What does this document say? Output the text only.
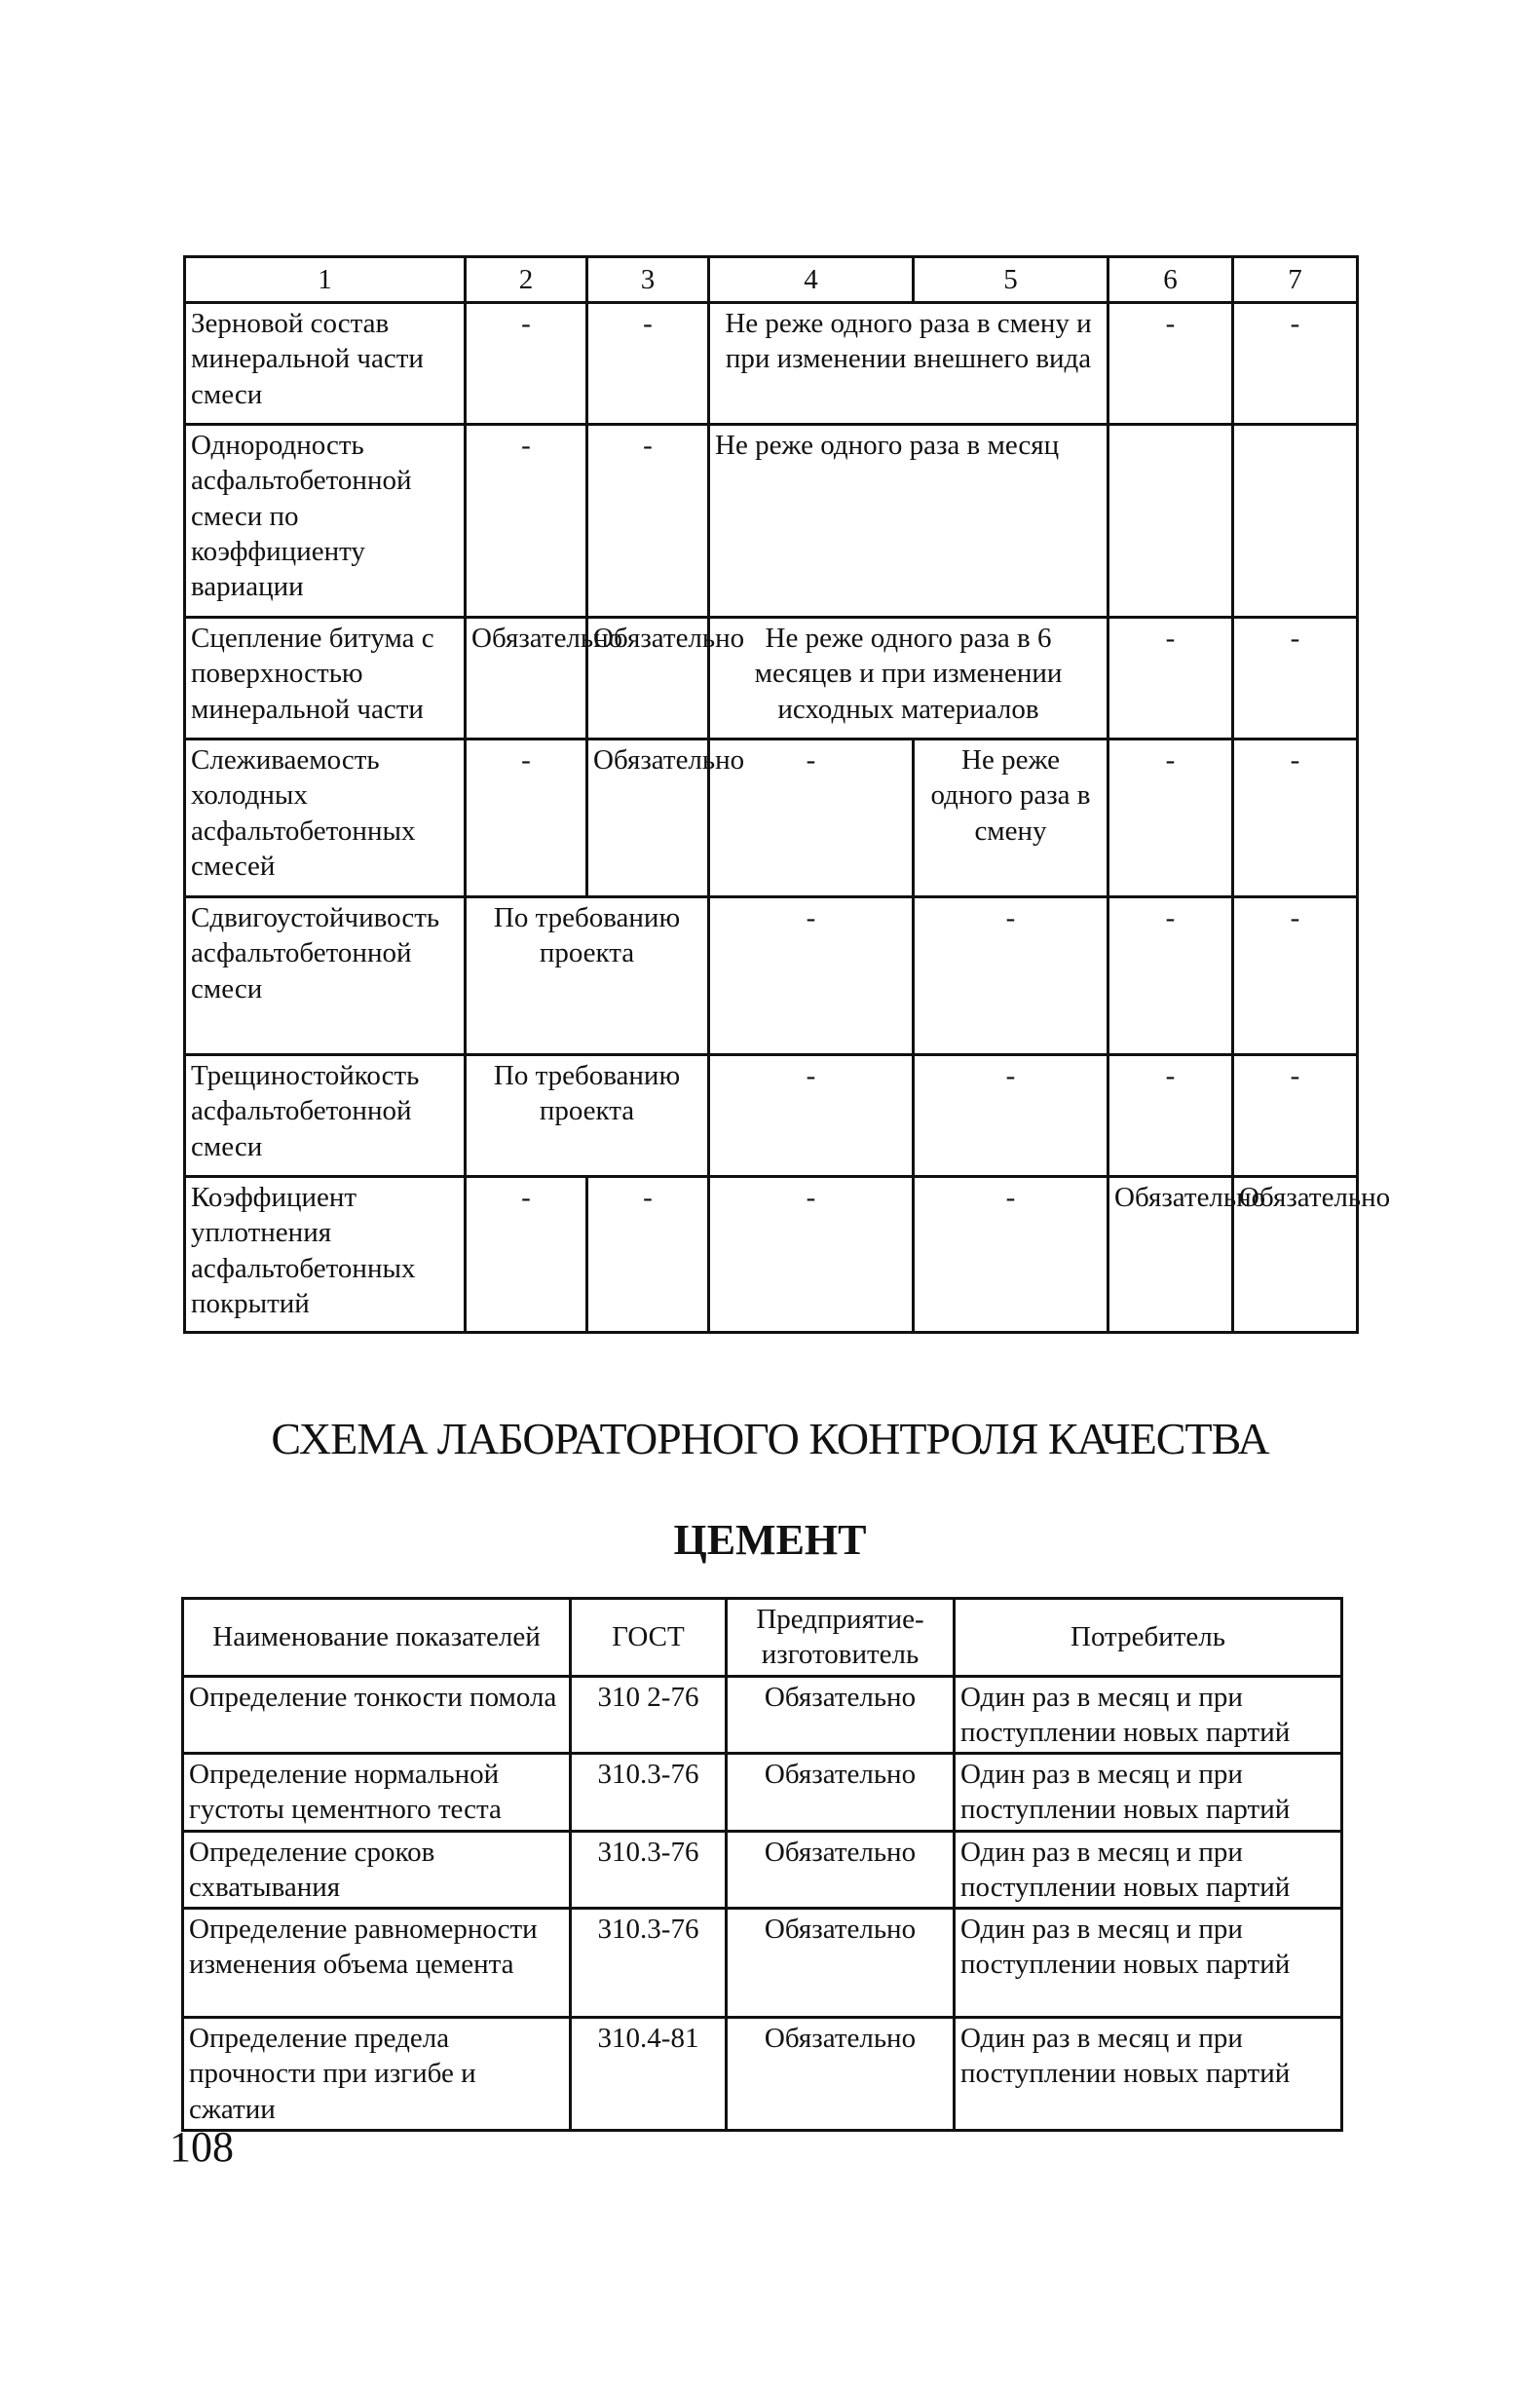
1	2	3	4	5	6	7
Зерновой состав минеральной части смеси	-	-	Не реже одного раза в смену и при изменении внешнего вида		-	-
Однородность асфальтобетонной смеси по коэффициенту вариации	-	-	Не реже одного раза в месяц			
Сцепление битума с поверхностью минеральной части	Обязательно	Обязательно	Не реже одного раза в 6 месяцев и при изменении исходных материалов		-	-
Слеживаемость холодных асфальтобетонных смесей	-	Обязательно	-	Не реже одного раза в смену	-	-
Сдвигоустойчивость асфальтобетонной смеси	По требованию проекта		-	-	-	-
Трещиностойкость асфальтобетонной смеси	По требованию проекта		-	-	-	-
Коэффициент уплотнения асфальтобетонных покрытий	-	-	-	-	Обязательно	Обязательно
СХЕМА ЛАБОРАТОРНОГО КОНТРОЛЯ КАЧЕСТВА
ЦЕМЕНТ
Наименование показателей	ГОСТ	Предприятие-изготовитель	Потребитель
Определение тонкости помола	310 2-76	Обязательно	Один раз в месяц и при поступлении новых партий
Определение нормальной густоты цементного теста	310.3-76	Обязательно	Один раз в месяц и при поступлении новых партий
Определение сроков схватывания	310.3-76	Обязательно	Один раз в месяц и при поступлении новых партий
Определение равномерности изменения объема цемента	310.3-76	Обязательно	Один раз в месяц и при поступлении новых партий
Определение предела прочности при изгибе и сжатии	310.4-81	Обязательно	Один раз в месяц и при поступлении новых партий
108
